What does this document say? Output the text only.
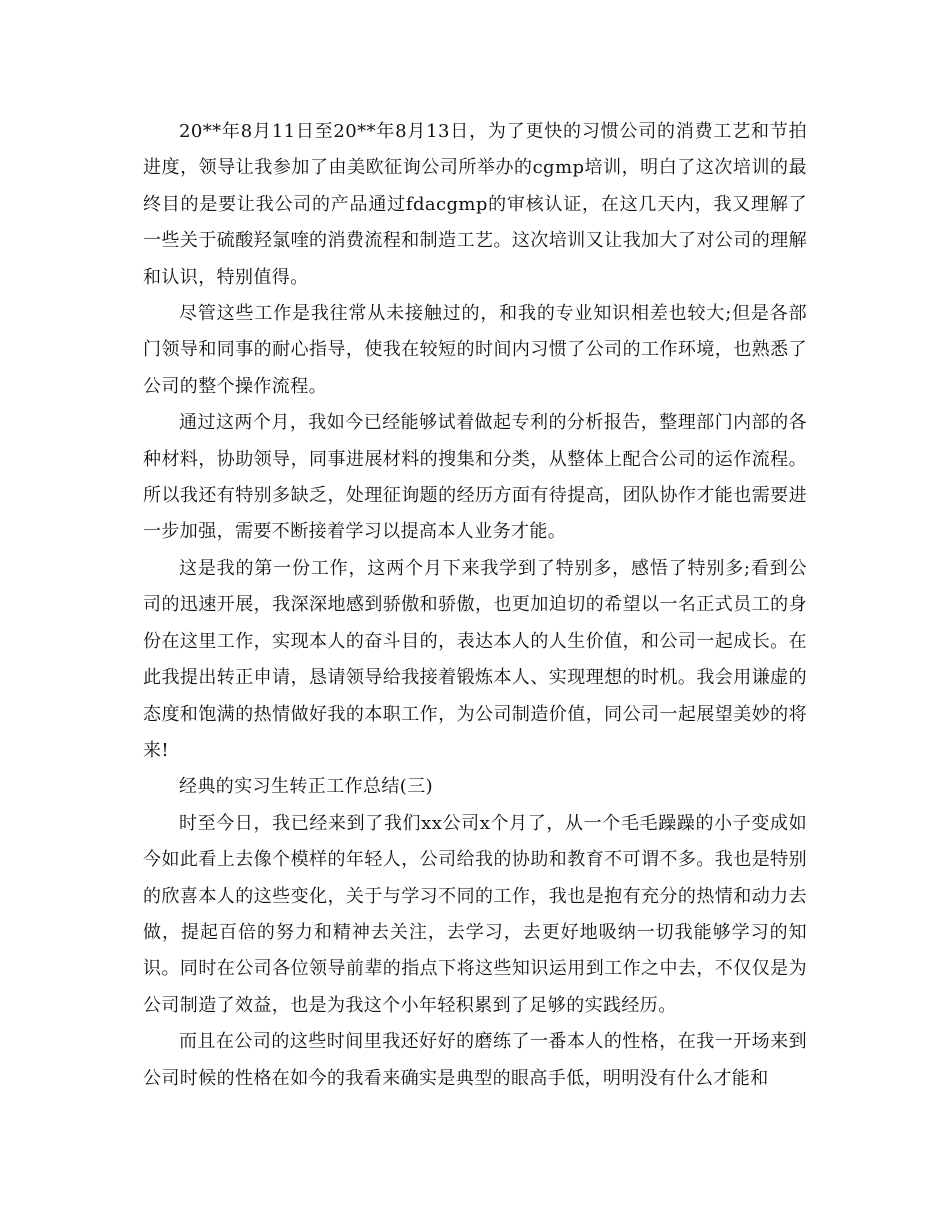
20**年8月11日至20**年8月13日，为了更快的习惯公司的消费工艺和节拍进度，领导让我参加了由美欧征询公司所举办的cgmp培训，明白了这次培训的最终目的是要让我公司的产品通过fdacgmp的审核认证，在这几天内，我又理解了一些关于硫酸羟氯喹的消费流程和制造工艺。这次培训又让我加大了对公司的理解和认识，特别值得。

尽管这些工作是我往常从未接触过的，和我的专业知识相差也较大;但是各部门领导和同事的耐心指导，使我在较短的时间内习惯了公司的工作环境，也熟悉了公司的整个操作流程。

通过这两个月，我如今已经能够试着做起专利的分析报告，整理部门内部的各种材料，协助领导，同事进展材料的搜集和分类，从整体上配合公司的运作流程。所以我还有特别多缺乏，处理征询题的经历方面有待提高，团队协作才能也需要进一步加强，需要不断接着学习以提高本人业务才能。

这是我的第一份工作，这两个月下来我学到了特别多，感悟了特别多;看到公司的迅速开展，我深深地感到骄傲和骄傲，也更加迫切的希望以一名正式员工的身份在这里工作，实现本人的奋斗目的，表达本人的人生价值，和公司一起成长。在此我提出转正申请，恳请领导给我接着锻炼本人、实现理想的时机。我会用谦虚的态度和饱满的热情做好我的本职工作，为公司制造价值，同公司一起展望美妙的将来!

经典的实习生转正工作总结(三)

时至今日，我已经来到了我们xx公司x个月了，从一个毛毛躁躁的小子变成如今如此看上去像个模样的年轻人，公司给我的协助和教育不可谓不多。我也是特别的欣喜本人的这些变化，关于与学习不同的工作，我也是抱有充分的热情和动力去做，提起百倍的努力和精神去关注，去学习，去更好地吸纳一切我能够学习的知识。同时在公司各位领导前辈的指点下将这些知识运用到工作之中去，不仅仅是为公司制造了效益，也是为我这个小年轻积累到了足够的实践经历。

而且在公司的这些时间里我还好好的磨练了一番本人的性格，在我一开场来到公司时候的性格在如今的我看来确实是典型的眼高手低，明明没有什么才能和
